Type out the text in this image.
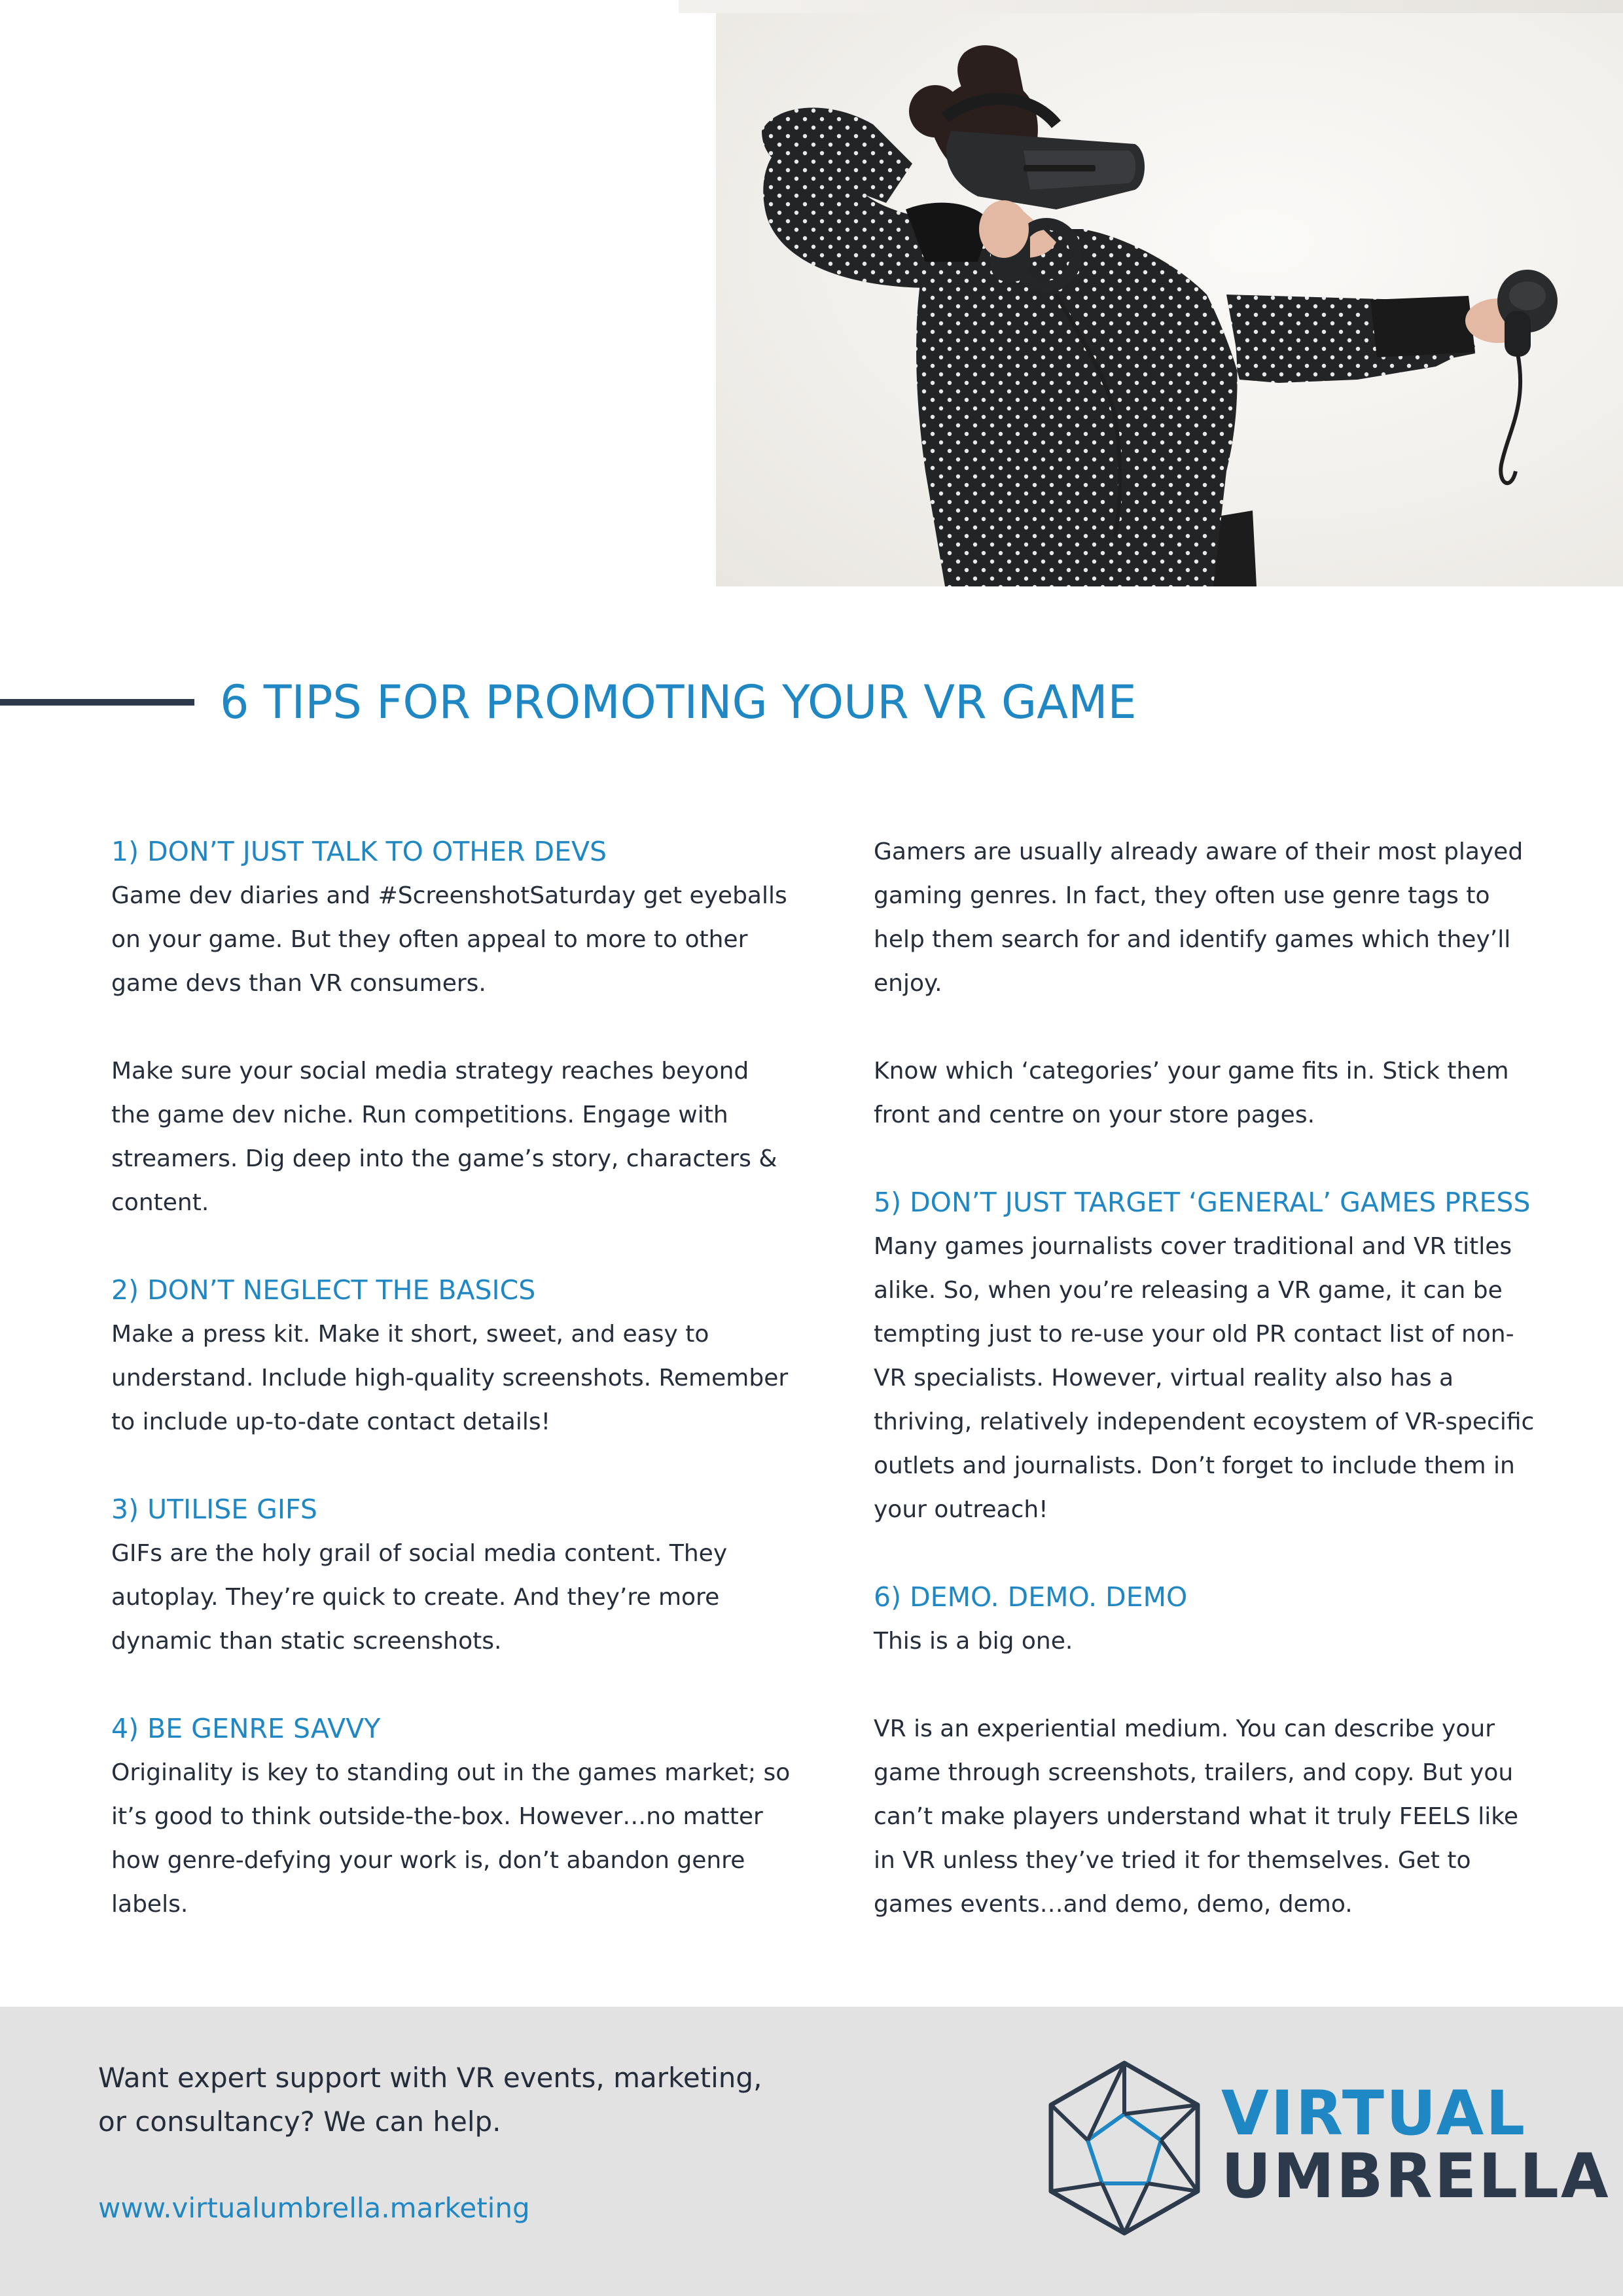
6 TIPS FOR PROMOTING YOUR VR GAME
1) DON’T JUST TALK TO OTHER DEVS

Game dev diaries and #ScreenshotSaturday get eyeballs on your game. But they often appeal to more to other game devs than VR consumers.

Make sure your social media strategy reaches beyond the game dev niche. Run competitions. Engage with streamers. Dig deep into the game’s story, characters & content.

2) DON’T NEGLECT THE BASICS

Make a press kit. Make it short, sweet, and easy to understand. Include high-quality screenshots. Remember to include up-to-date contact details!

3) UTILISE GIFS

GIFs are the holy grail of social media content. They autoplay. They’re quick to create. And they’re more dynamic than static screenshots.

4) BE GENRE SAVVY

Originality is key to standing out in the games market; so it’s good to think outside-the-box. However…no matter how genre-defying your work is, don’t abandon genre labels.

Gamers are usually already aware of their most played gaming genres. In fact, they often use genre tags to help them search for and identify games which they’ll enjoy.

Know which ‘categories’ your game fits in. Stick them front and centre on your store pages.

5) DON’T JUST TARGET ‘GENERAL’ GAMES PRESS

Many games journalists cover traditional and VR titles alike. So, when you’re releasing a VR game, it can be tempting just to re-use your old PR contact list of non-VR specialists. However, virtual reality also has a thriving, relatively independent ecoystem of VR-specific outlets and journalists. Don’t forget to include them in your outreach!

6) DEMO. DEMO. DEMO

This is a big one.

VR is an experiential medium. You can describe your game through screenshots, trailers, and copy. But you can’t make players understand what it truly FEELS like in VR unless they’ve tried it for themselves. Get to games events…and demo, demo, demo.

Want expert support with VR events, marketing,
or consultancy? We can help.

www.virtualumbrella.marketing

VIRTUAL

UMBRELLA
